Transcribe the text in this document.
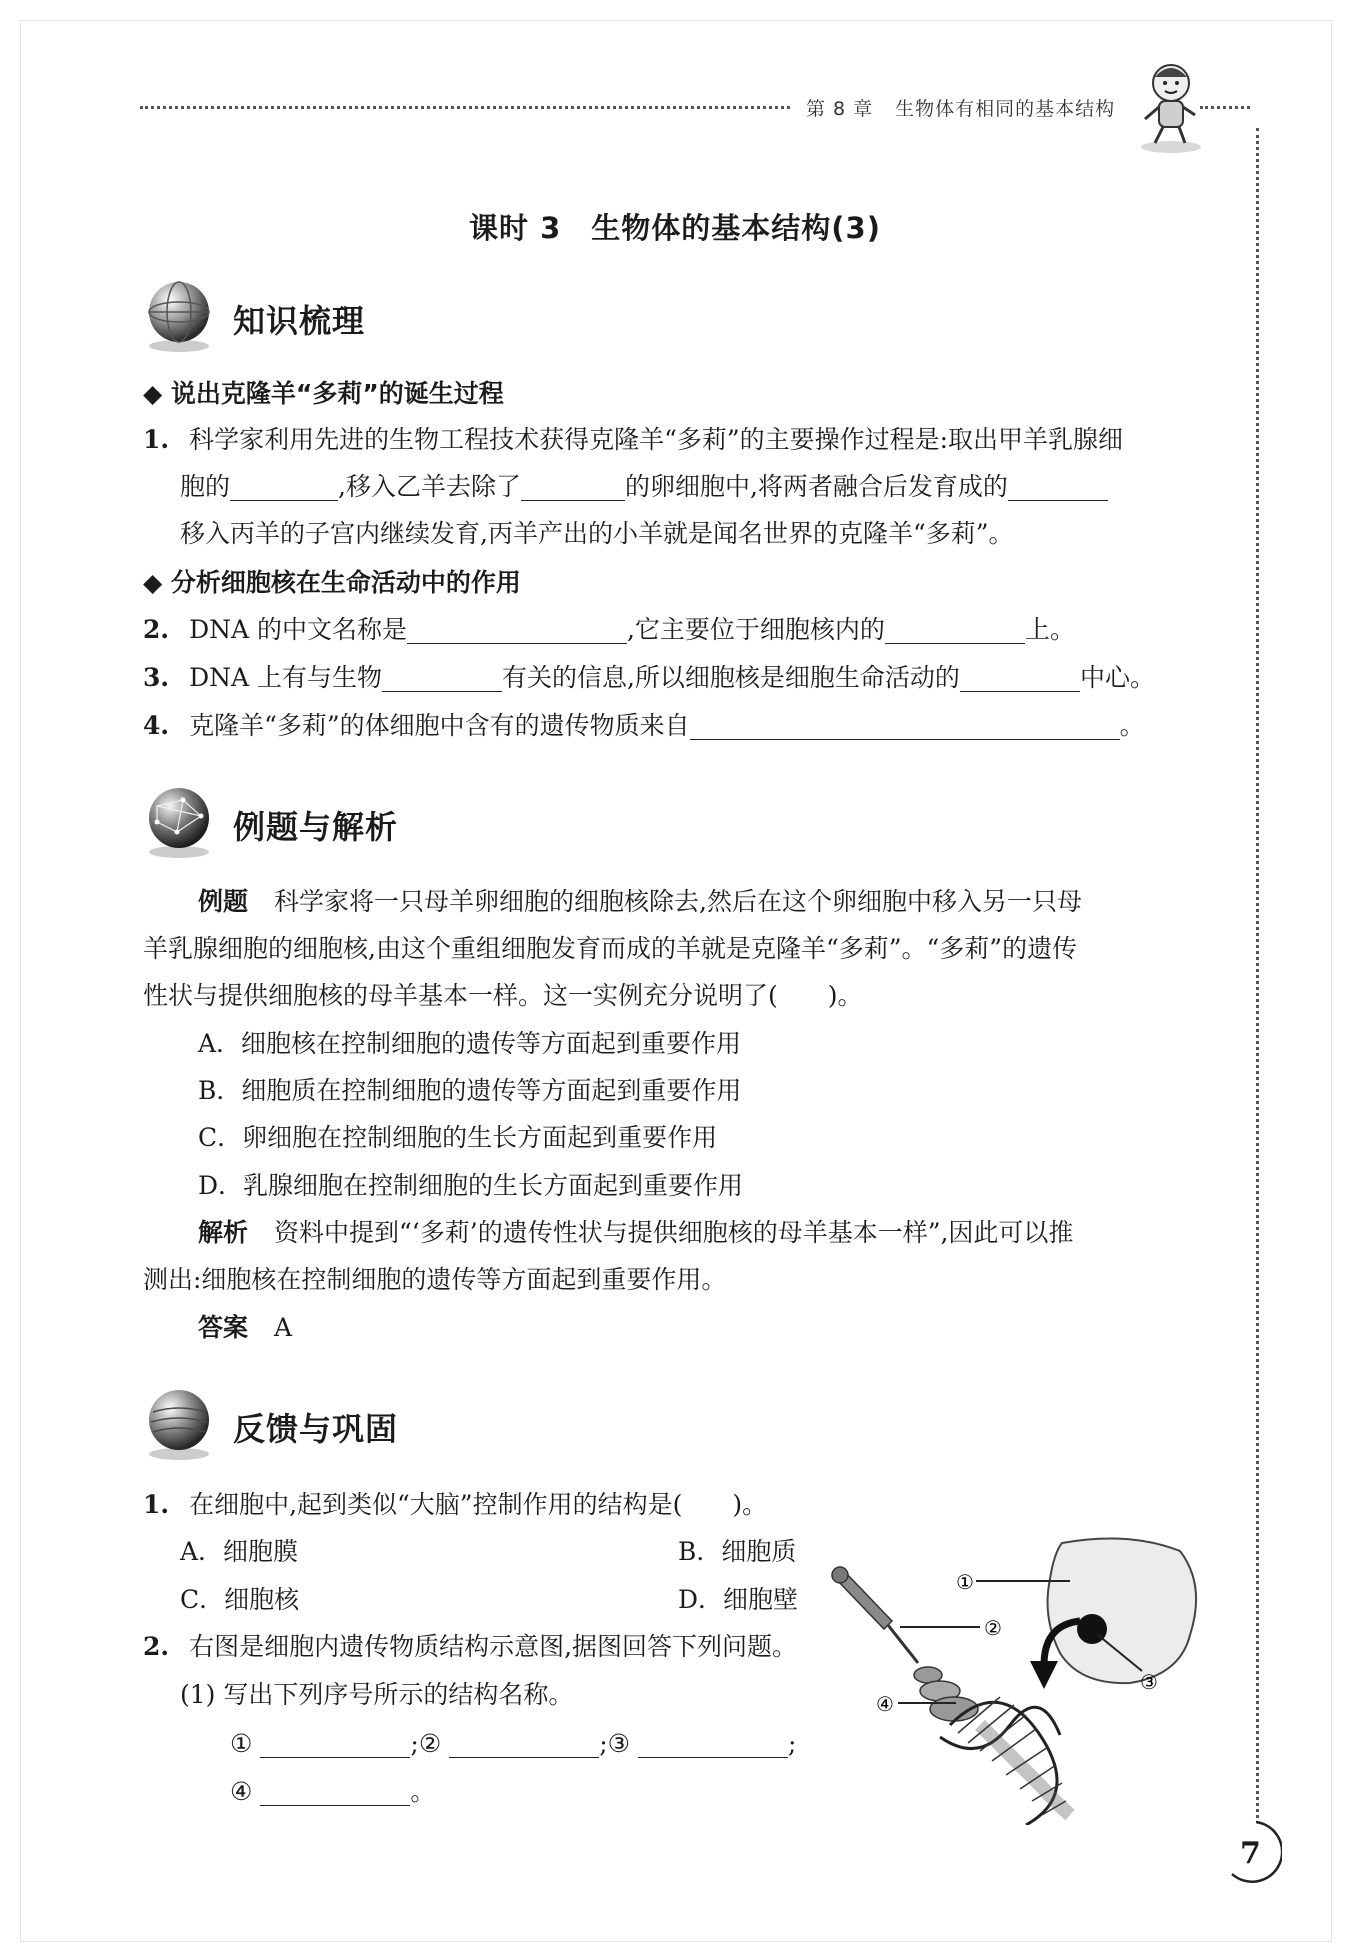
第 8 章 生物体有相同的基本结构
7
课时 3　生物体的基本结构(3)
知识梳理
◆ 说出克隆羊“多莉”的诞生过程
1. 科学家利用先进的生物工程技术获得克隆羊“多莉”的主要操作过程是:取出甲羊乳腺细
胞的	,移入乙羊去除了	的卵细胞中,将两者融合后发育成的
移入丙羊的子宫内继续发育,丙羊产出的小羊就是闻名世界的克隆羊“多莉”。
◆ 分析细胞核在生命活动中的作用
2. DNA 的中文名称是	,它主要位于细胞核内的	上。
3. DNA 上有与生物	有关的信息,所以细胞核是细胞生命活动的	中心。
4. 克隆羊“多莉”的体细胞中含有的遗传物质来自	。
例题与解析
例题 科学家将一只母羊卵细胞的细胞核除去,然后在这个卵细胞中移入另一只母
羊乳腺细胞的细胞核,由这个重组细胞发育而成的羊就是克隆羊“多莉”。“多莉”的遗传
性状与提供细胞核的母羊基本一样。这一实例充分说明了(　　)。
A．细胞核在控制细胞的遗传等方面起到重要作用
B．细胞质在控制细胞的遗传等方面起到重要作用
C．卵细胞在控制细胞的生长方面起到重要作用
D．乳腺细胞在控制细胞的生长方面起到重要作用
解析 资料中提到“‘多莉’的遗传性状与提供细胞核的母羊基本一样”,因此可以推
测出:细胞核在控制细胞的遗传等方面起到重要作用。
答案 A
反馈与巩固
1. 在细胞中,起到类似“大脑”控制作用的结构是(　　)。
A．细胞膜	B．细胞质
C．细胞核	D．细胞壁
2. 右图是细胞内遗传物质结构示意图,据图回答下列问题。
(1) 写出下列序号所示的结构名称。
①	;②	;③	;
④	。
①
②
③
④
